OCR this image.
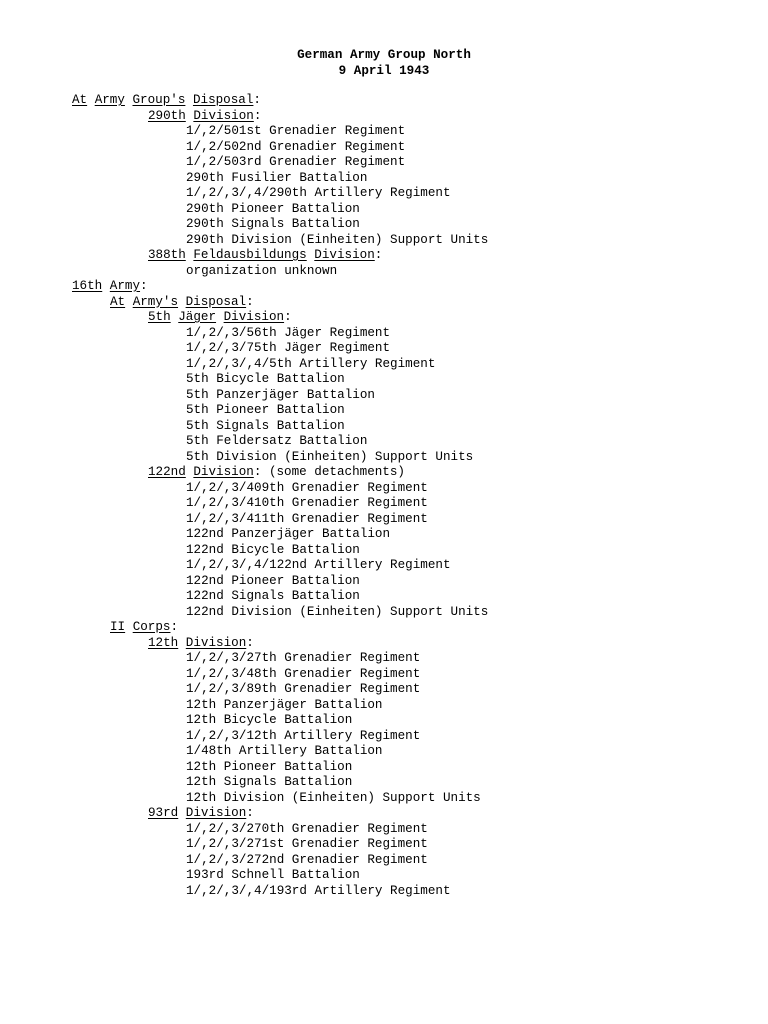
German Army Group North
9 April 1943
At Army Group's Disposal:
290th Division:
1/,2/501st Grenadier Regiment
1/,2/502nd Grenadier Regiment
1/,2/503rd Grenadier Regiment
290th Fusilier Battalion
1/,2/,3/,4/290th Artillery Regiment
290th Pioneer Battalion
290th Signals Battalion
290th Division (Einheiten) Support Units
388th Feldausbildungs Division:
organization unknown
16th Army:
At Army's Disposal:
5th Jäger Division:
1/,2/,3/56th Jäger Regiment
1/,2/,3/75th Jäger Regiment
1/,2/,3/,4/5th Artillery Regiment
5th Bicycle Battalion
5th Panzerjäger Battalion
5th Pioneer Battalion
5th Signals Battalion
5th Feldersatz Battalion
5th Division (Einheiten) Support Units
122nd Division: (some detachments)
1/,2/,3/409th Grenadier Regiment
1/,2/,3/410th Grenadier Regiment
1/,2/,3/411th Grenadier Regiment
122nd Panzerjäger Battalion
122nd Bicycle Battalion
1/,2/,3/,4/122nd Artillery Regiment
122nd Pioneer Battalion
122nd Signals Battalion
122nd Division (Einheiten) Support Units
II Corps:
12th Division:
1/,2/,3/27th Grenadier Regiment
1/,2/,3/48th Grenadier Regiment
1/,2/,3/89th Grenadier Regiment
12th Panzerjäger Battalion
12th Bicycle Battalion
1/,2/,3/12th Artillery Regiment
1/48th Artillery Battalion
12th Pioneer Battalion
12th Signals Battalion
12th Division (Einheiten) Support Units
93rd Division:
1/,2/,3/270th Grenadier Regiment
1/,2/,3/271st Grenadier Regiment
1/,2/,3/272nd Grenadier Regiment
193rd Schnell Battalion
1/,2/,3/,4/193rd Artillery Regiment
